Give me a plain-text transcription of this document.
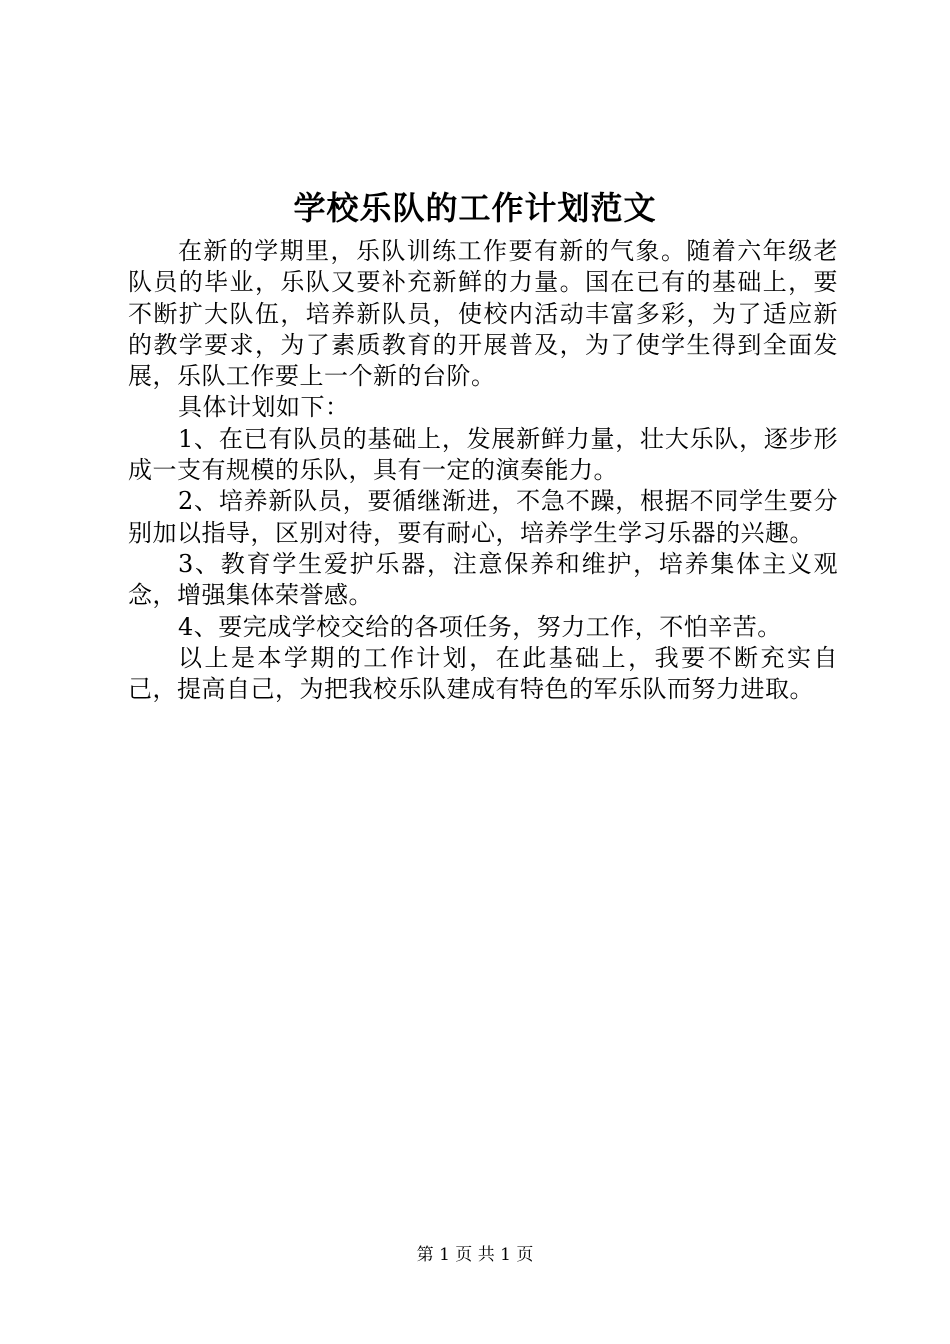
学校乐队的工作计划范文

在新的学期里，乐队训练工作要有新的气象。随着六年级老队员的毕业，乐队又要补充新鲜的力量。国在已有的基础上，要不断扩大队伍，培养新队员，使校内活动丰富多彩，为了适应新的教学要求，为了素质教育的开展普及，为了使学生得到全面发展，乐队工作要上一个新的台阶。

具体计划如下：

1、在已有队员的基础上，发展新鲜力量，壮大乐队，逐步形成一支有规模的乐队，具有一定的演奏能力。

2、培养新队员，要循继渐进，不急不躁，根据不同学生要分别加以指导，区别对待，要有耐心，培养学生学习乐器的兴趣。

3、教育学生爱护乐器，注意保养和维护，培养集体主义观念，增强集体荣誉感。

4、要完成学校交给的各项任务，努力工作，不怕辛苦。

以上是本学期的工作计划，在此基础上，我要不断充实自己，提高自己，为把我校乐队建成有特色的军乐队而努力进取。

第 1 页 共 1 页
